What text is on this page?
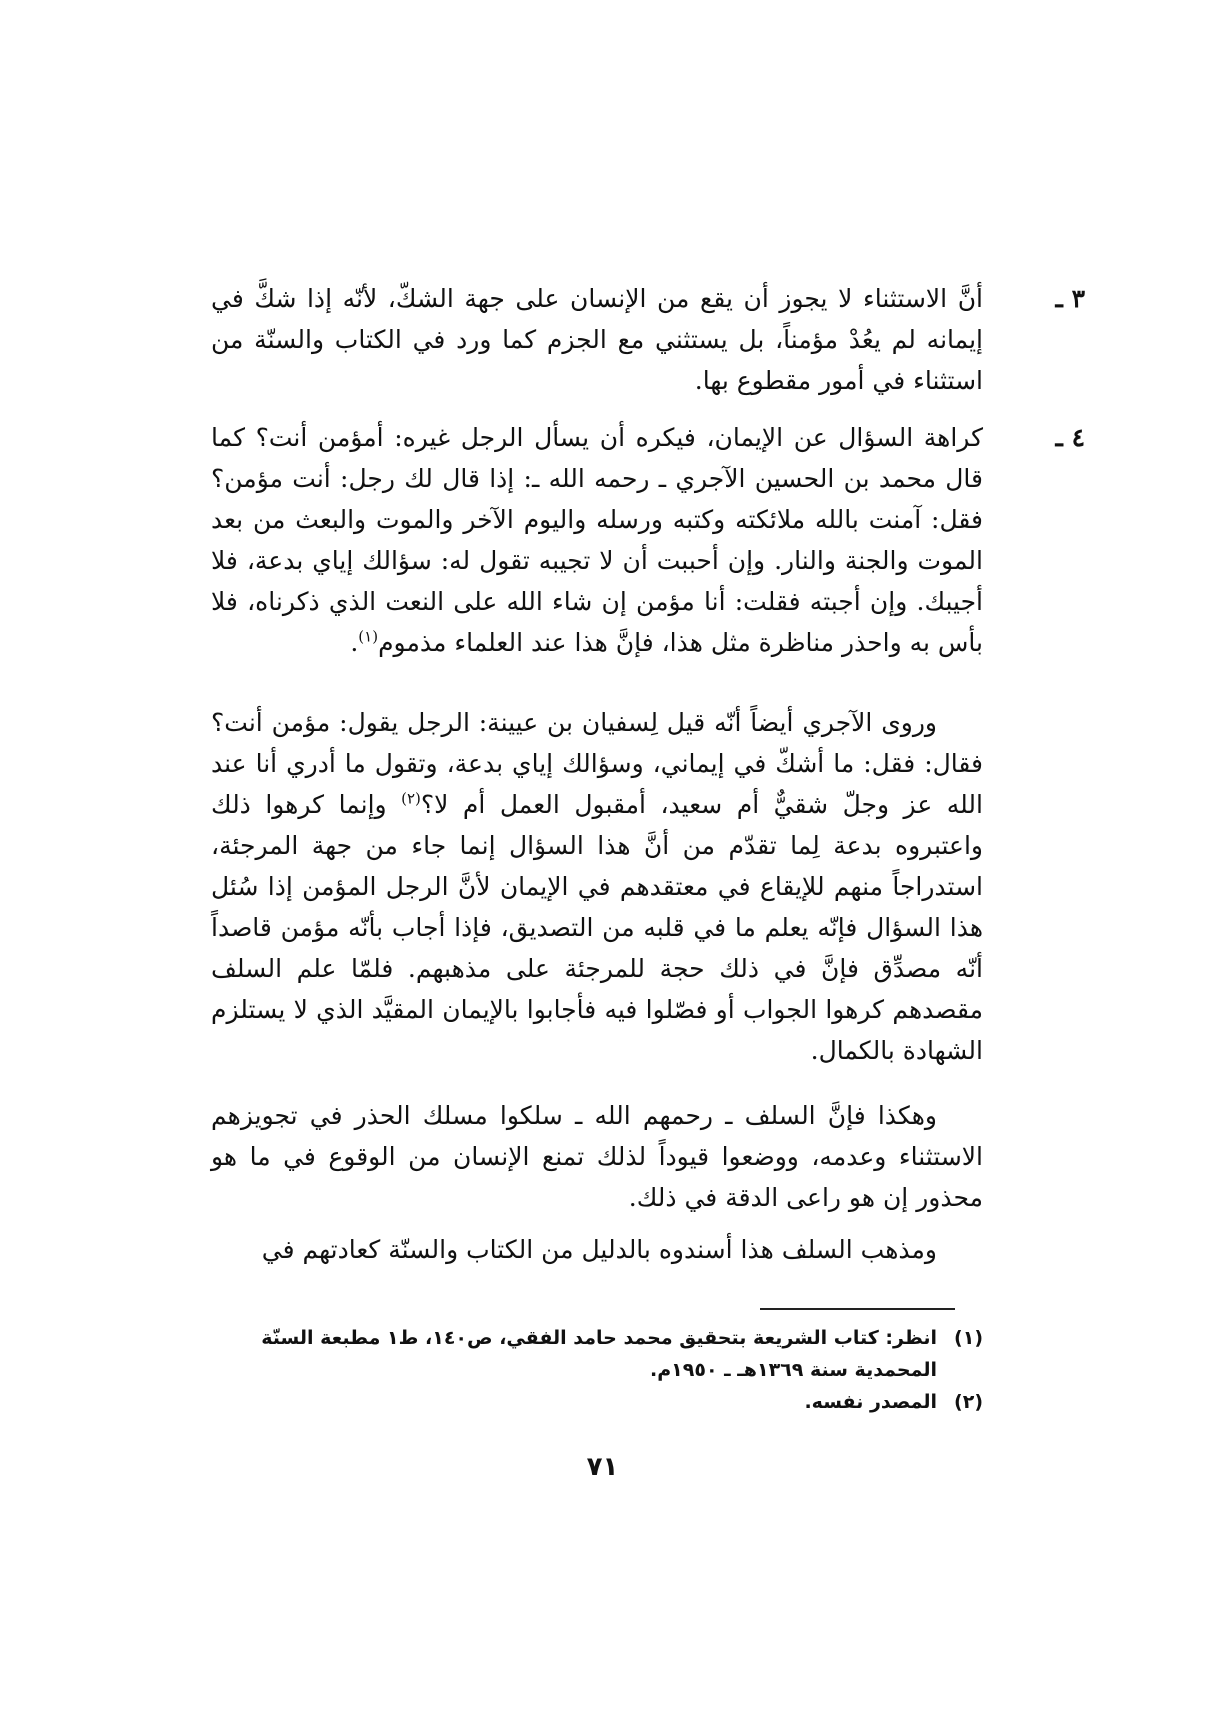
٣ ـ
أنَّ الاستثناء لا يجوز أن يقع من الإنسان على جهة الشكّ، لأنّه إذا شكَّ في إيمانه لم يعُدْ مؤمناً، بل يستثني مع الجزم كما ورد في الكتاب والسنّة من استثناء في أمور مقطوع بها.
٤ ـ
كراهة السؤال عن الإيمان، فيكره أن يسأل الرجل غيره: أمؤمن أنت؟ كما قال محمد بن الحسين الآجري ـ رحمه الله ـ: إذا قال لك رجل: أنت مؤمن؟ فقل: آمنت بالله ملائكته وكتبه ورسله واليوم الآخر والموت والبعث من بعد الموت والجنة والنار. وإن أحببت أن لا تجيبه تقول له: سؤالك إياي بدعة، فلا أجيبك. وإن أجبته فقلت: أنا مؤمن إن شاء الله على النعت الذي ذكرناه، فلا بأس به واحذر مناظرة مثل هذا، فإنَّ هذا عند العلماء مذموم$^{(١)}$.

وروى الآجري أيضاً أنّه قيل لِسفيان بن عيينة: الرجل يقول: مؤمن أنت؟ فقال: فقل: ما أشكّ في إيماني، وسؤالك إياي بدعة، وتقول ما أدري أنا عند الله عز وجلّ شقيٌّ أم سعيد، أمقبول العمل أم لا؟$^{(٢)}$ وإنما كرهوا ذلك واعتبروه بدعة لِما تقدّم من أنَّ هذا السؤال إنما جاء من جهة المرجئة، استدراجاً منهم للإيقاع في معتقدهم في الإيمان لأنَّ الرجل المؤمن إذا سُئل هذا السؤال فإنّه يعلم ما في قلبه من التصديق، فإذا أجاب بأنّه مؤمن قاصداً أنّه مصدِّق فإنَّ في ذلك حجة للمرجئة على مذهبهم. فلمّا علم السلف مقصدهم كرهوا الجواب أو فصّلوا فيه فأجابوا بالإيمان المقيَّد الذي لا يستلزم الشهادة بالكمال.

وهكذا فإنَّ السلف ـ رحمهم الله ـ سلكوا مسلك الحذر في تجويزهم الاستثناء وعدمه، ووضعوا قيوداً لذلك تمنع الإنسان من الوقوع في ما هو محذور إن هو راعى الدقة في ذلك.

ومذهب السلف هذا أسندوه بالدليل من الكتاب والسنّة كعادتهم في

(١)
انظر: كتاب الشريعة بتحقيق محمد حامد الفقي، ص١٤٠، ط١ مطبعة السنّة المحمدية سنة ١٣٦٩هـ ـ ١٩٥٠م.
(٢)
المصدر نفسه.
٧١
